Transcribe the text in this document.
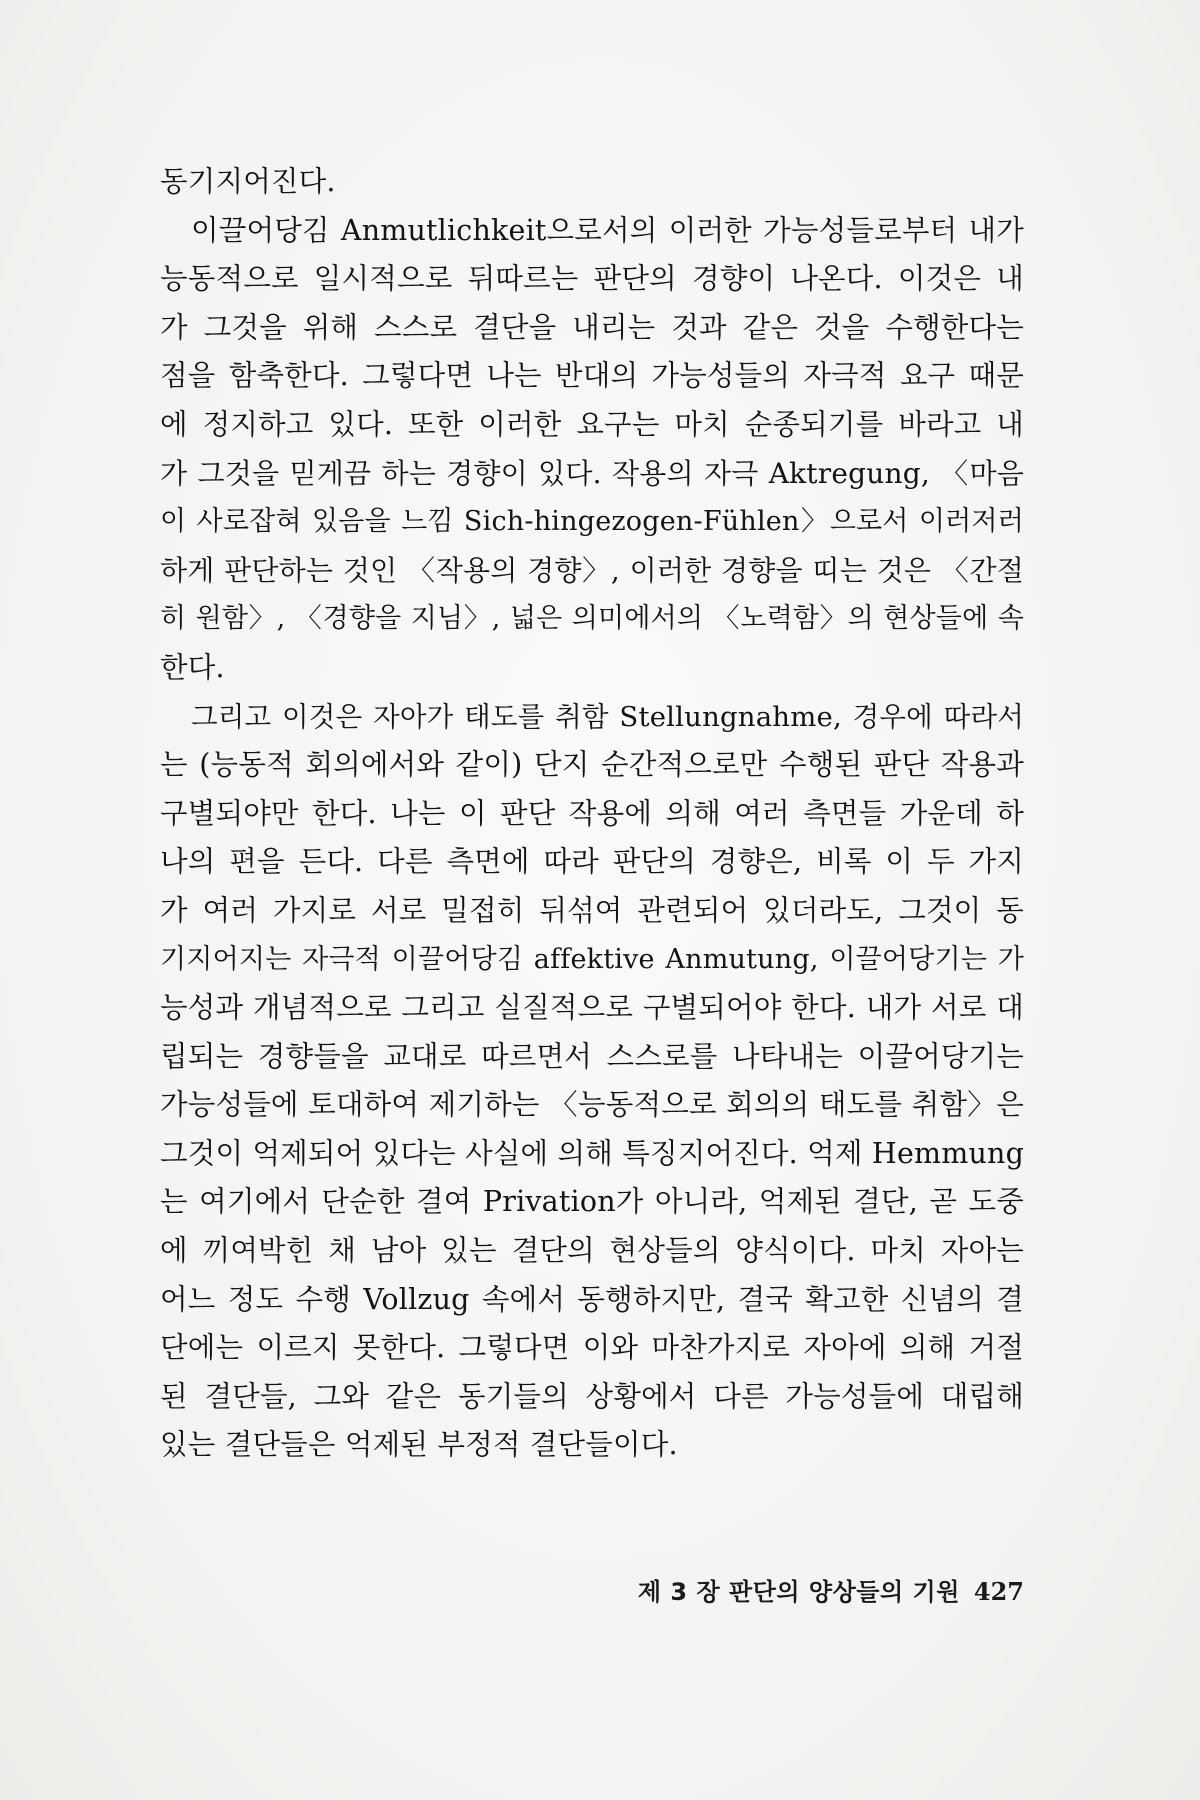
동기지어진다.
이끌어당김 Anmutlichkeit으로서의 이러한 가능성들로부터 내가
능동적으로 일시적으로 뒤따르는 판단의 경향이 나온다. 이것은 내
가 그것을 위해 스스로 결단을 내리는 것과 같은 것을 수행한다는
점을 함축한다. 그렇다면 나는 반대의 가능성들의 자극적 요구 때문
에 정지하고 있다. 또한 이러한 요구는 마치 순종되기를 바라고 내
가 그것을 믿게끔 하는 경향이 있다. 작용의 자극 Aktregung, 〈마음
이 사로잡혀 있음을 느낌 Sich-hingezogen-Fühlen〉으로서 이러저러
하게 판단하는 것인 〈작용의 경향〉, 이러한 경향을 띠는 것은 〈간절
히 원함〉, 〈경향을 지님〉, 넓은 의미에서의 〈노력함〉의 현상들에 속
한다.
그리고 이것은 자아가 태도를 취함 Stellungnahme, 경우에 따라서
는 (능동적 회의에서와 같이) 단지 순간적으로만 수행된 판단 작용과
구별되야만 한다. 나는 이 판단 작용에 의해 여러 측면들 가운데 하
나의 편을 든다. 다른 측면에 따라 판단의 경향은, 비록 이 두 가지
가 여러 가지로 서로 밀접히 뒤섞여 관련되어 있더라도, 그것이 동
기지어지는 자극적 이끌어당김 affektive Anmutung, 이끌어당기는 가
능성과 개념적으로 그리고 실질적으로 구별되어야 한다. 내가 서로 대
립되는 경향들을 교대로 따르면서 스스로를 나타내는 이끌어당기는
가능성들에 토대하여 제기하는 〈능동적으로 회의의 태도를 취함〉은
그것이 억제되어 있다는 사실에 의해 특징지어진다. 억제 Hemmung
는 여기에서 단순한 결여 Privation가 아니라, 억제된 결단, 곧 도중
에 끼여박힌 채 남아 있는 결단의 현상들의 양식이다. 마치 자아는
어느 정도 수행 Vollzug 속에서 동행하지만, 결국 확고한 신념의 결
단에는 이르지 못한다. 그렇다면 이와 마찬가지로 자아에 의해 거절
된 결단들, 그와 같은 동기들의 상황에서 다른 가능성들에 대립해
있는 결단들은 억제된 부정적 결단들이다.
제 3 장 판단의 양상들의 기원 427
